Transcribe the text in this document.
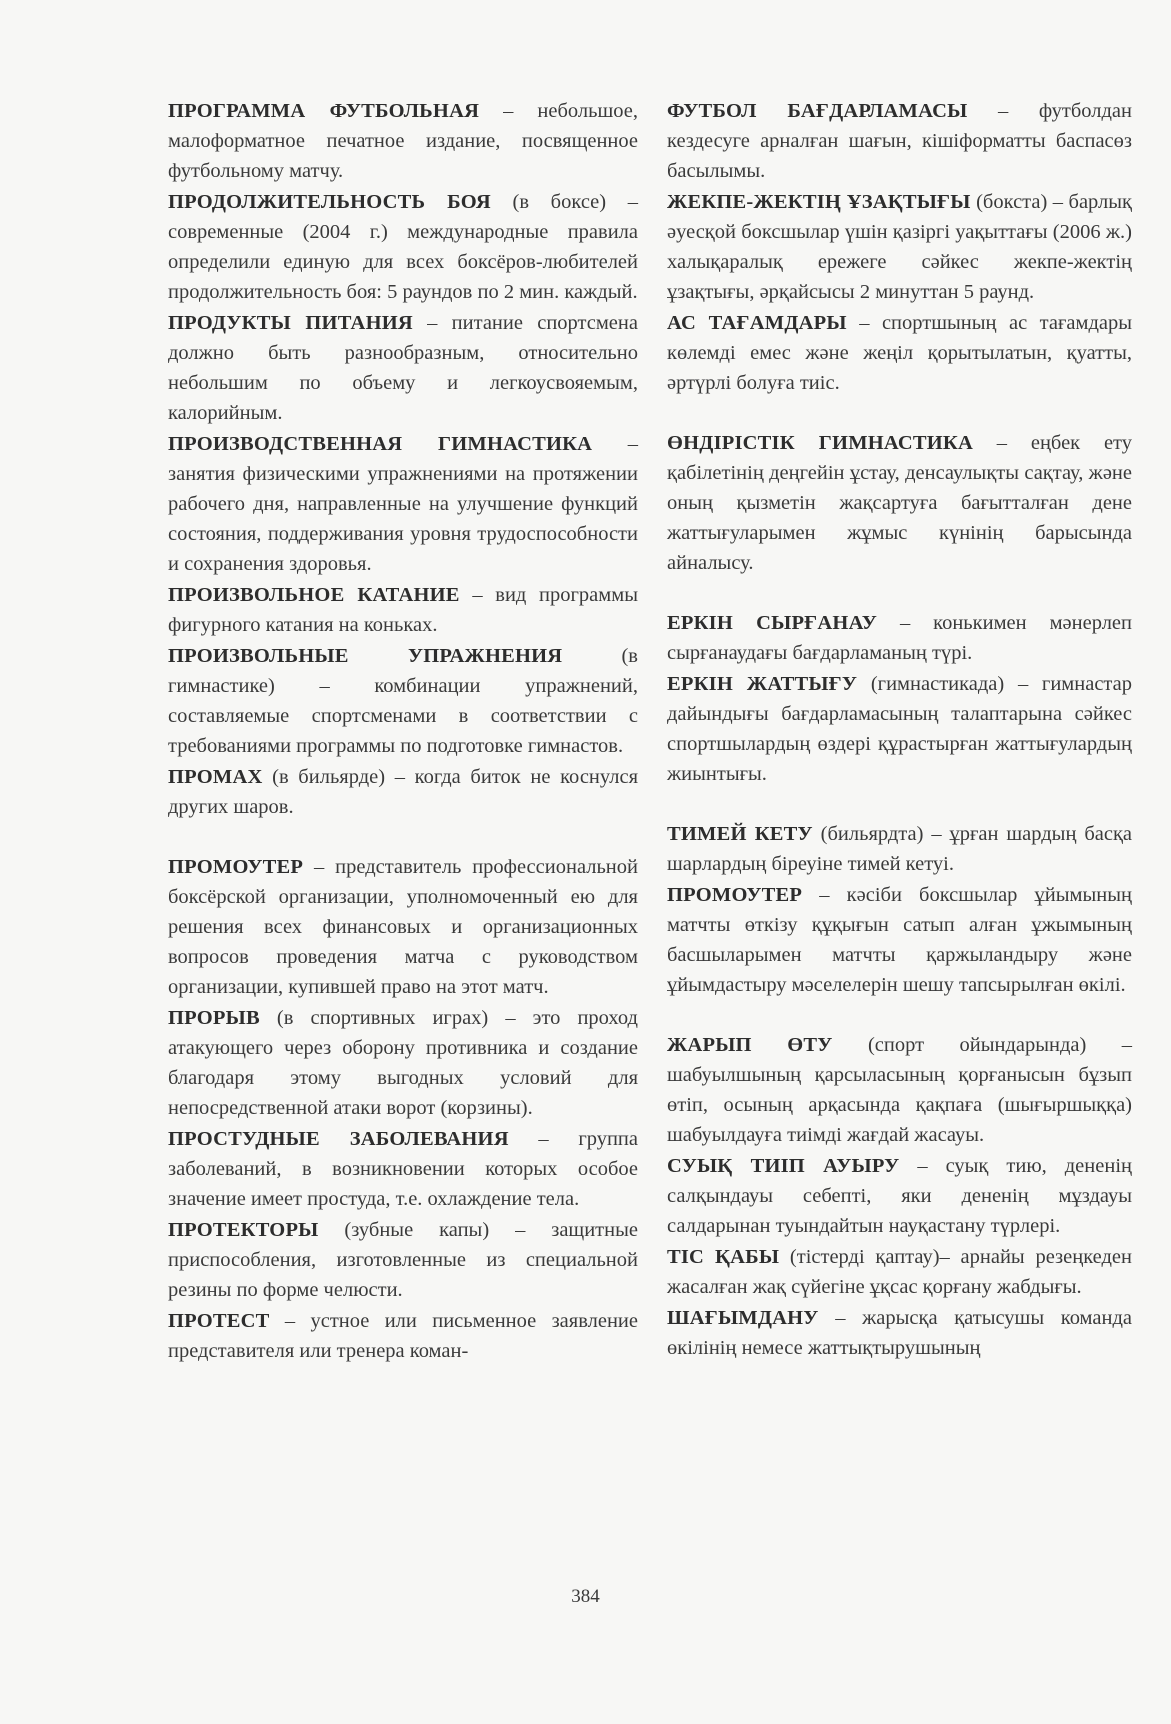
ПРОГРАММА ФУТБОЛЬНАЯ – небольшое, малоформатное печатное издание, посвященное футбольному матчу.

ПРОДОЛЖИТЕЛЬНОСТЬ БОЯ (в боксе) – современные (2004 г.) международные правила определили единую для всех боксёров-любителей продолжительность боя: 5 раундов по 2 мин. каждый.

ПРОДУКТЫ ПИТАНИЯ – питание спортсмена должно быть разнообразным, относительно небольшим по объему и легкоусвояемым, калорийным.

ПРОИЗВОДСТВЕННАЯ ГИМНАСТИКА – занятия физическими упражнениями на протяжении рабочего дня, направленные на улучшение функций состояния, поддерживания уровня трудоспособности и сохранения здоровья.

ПРОИЗВОЛЬНОЕ КАТАНИЕ – вид программы фигурного катания на коньках.

ПРОИЗВОЛЬНЫЕ УПРАЖНЕНИЯ (в гимнастике) – комбинации упражнений, составляемые спортсменами в соответствии с требованиями программы по подготовке гимнастов.

ПРОМАХ (в бильярде) – когда биток не коснулся других шаров.

ПРОМОУТЕР – представитель профессиональной боксёрской организации, уполномоченный ею для решения всех финансовых и организационных вопросов проведения матча с руководством организации, купившей право на этот матч.

ПРОРЫВ (в спортивных играх) – это проход атакующего через оборону противника и создание благодаря этому выгодных условий для непосредственной атаки ворот (корзины).

ПРОСТУДНЫЕ ЗАБОЛЕВАНИЯ – группа заболеваний, в возникновении которых особое значение имеет простуда, т.е. охлаждение тела.

ПРОТЕКТОРЫ (зубные капы) – защитные приспособления, изготовленные из специальной резины по форме челюсти.

ПРОТЕСТ – устное или письменное заявление представителя или тренера коман-

ФУТБОЛ БАҒДАРЛАМАСЫ – футболдан кездесуге арналған шағын, кішіформатты баспасөз басылымы.

ЖЕКПЕ-ЖЕКТІҢ ҰЗАҚТЫҒЫ (бокста) – барлық әуесқой боксшылар үшін қазіргі уақыттағы (2006 ж.) халықаралық ережеге сәйкес жекпе-жектің ұзақтығы, әрқайсысы 2 минуттан 5 раунд.

АС ТАҒАМДАРЫ – спортшының ас тағамдары көлемді емес және жеңіл қорытылатын, қуатты, әртүрлі болуға тиіс.

ӨНДІРІСТІК ГИМНАСТИКА – еңбек ету қабілетінің деңгейін ұстау, денсаулықты сақтау, және оның қызметін жақсартуға бағытталған дене жаттығуларымен жұмыс күнінің барысында айналысу.

ЕРКІН СЫРҒАНАУ – конькимен мәнерлеп сырғанаудағы бағдарламаның түрі.

ЕРКІН ЖАТТЫҒУ (гимнастикада) – гимнастар дайындығы бағдарламасының талаптарына сәйкес спортшылардың өздері құрастырған жаттығулардың жиынтығы.

ТИМЕЙ КЕТУ (бильярдта) – ұрған шардың басқа шарлардың біреуіне тимей кетуі.

ПРОМОУТЕР – кәсіби боксшылар ұйымының матчты өткізу құқығын сатып алған ұжымының басшыларымен матчты қаржыландыру және ұйымдастыру мәселелерін шешу тапсырылған өкілі.

ЖАРЫП ӨТУ (спорт ойындарында) – шабуылшының қарсыласының қорғанысын бұзып өтіп, осының арқасында қақпаға (шығыршыққа) шабуылдауға тиімді жағдай жасауы.

СУЫҚ ТИІП АУЫРУ – суық тию, дененің салқындауы себепті, яки дененің мұздауы салдарынан туындайтын науқастану түрлері.

ТІС ҚАБЫ (тістерді қаптау)– арнайы резеңкеден жасалған жақ сүйегіне ұқсас қорғану жабдығы.

ШАҒЫМДАНУ – жарысқа қатысушы команда өкілінің немесе жаттықтырушының

384
